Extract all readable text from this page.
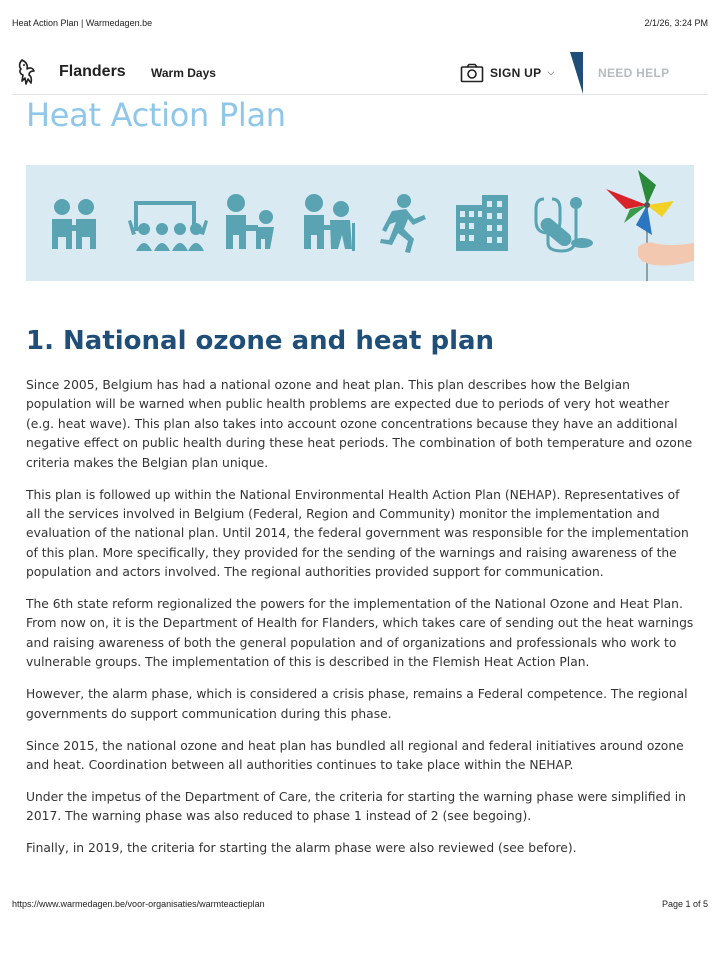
Heat Action Plan | Warmedagen.be	2/1/26, 3:24 PM
Flanders Warm Days	SIGN UP ⌵	NEED HELP
Heat Action Plan
1. National ozone and heat plan

Since 2005, Belgium has had a national ozone and heat plan. This plan describes how the Belgian population will be warned when public health problems are expected due to periods of very hot weather (e.g. heat wave). This plan also takes into account ozone concentrations because they have an additional negative effect on public health during these heat periods. The combination of both temperature and ozone criteria makes the Belgian plan unique.

This plan is followed up within the National Environmental Health Action Plan (NEHAP). Representatives of all the services involved in Belgium (Federal, Region and Community) monitor the implementation and evaluation of the national plan. Until 2014, the federal government was responsible for the implementation of this plan. More specifically, they provided for the sending of the warnings and raising awareness of the population and actors involved. The regional authorities provided support for communication.

The 6th state reform regionalized the powers for the implementation of the National Ozone and Heat Plan. From now on, it is the Department of Health for Flanders, which takes care of sending out the heat warnings and raising awareness of both the general population and of organizations and professionals who work to vulnerable groups. The implementation of this is described in the Flemish Heat Action Plan.

However, the alarm phase, which is considered a crisis phase, remains a Federal competence. The regional governments do support communication during this phase.

Since 2015, the national ozone and heat plan has bundled all regional and federal initiatives around ozone and heat. Coordination between all authorities continues to take place within the NEHAP.

Under the impetus of the Department of Care, the criteria for starting the warning phase were simplified in 2017. The warning phase was also reduced to phase 1 instead of 2 (see begoing).

Finally, in 2019, the criteria for starting the alarm phase were also reviewed (see before).

https://www.warmedagen.be/voor-organisaties/warmteactieplan	Page 1 of 5
